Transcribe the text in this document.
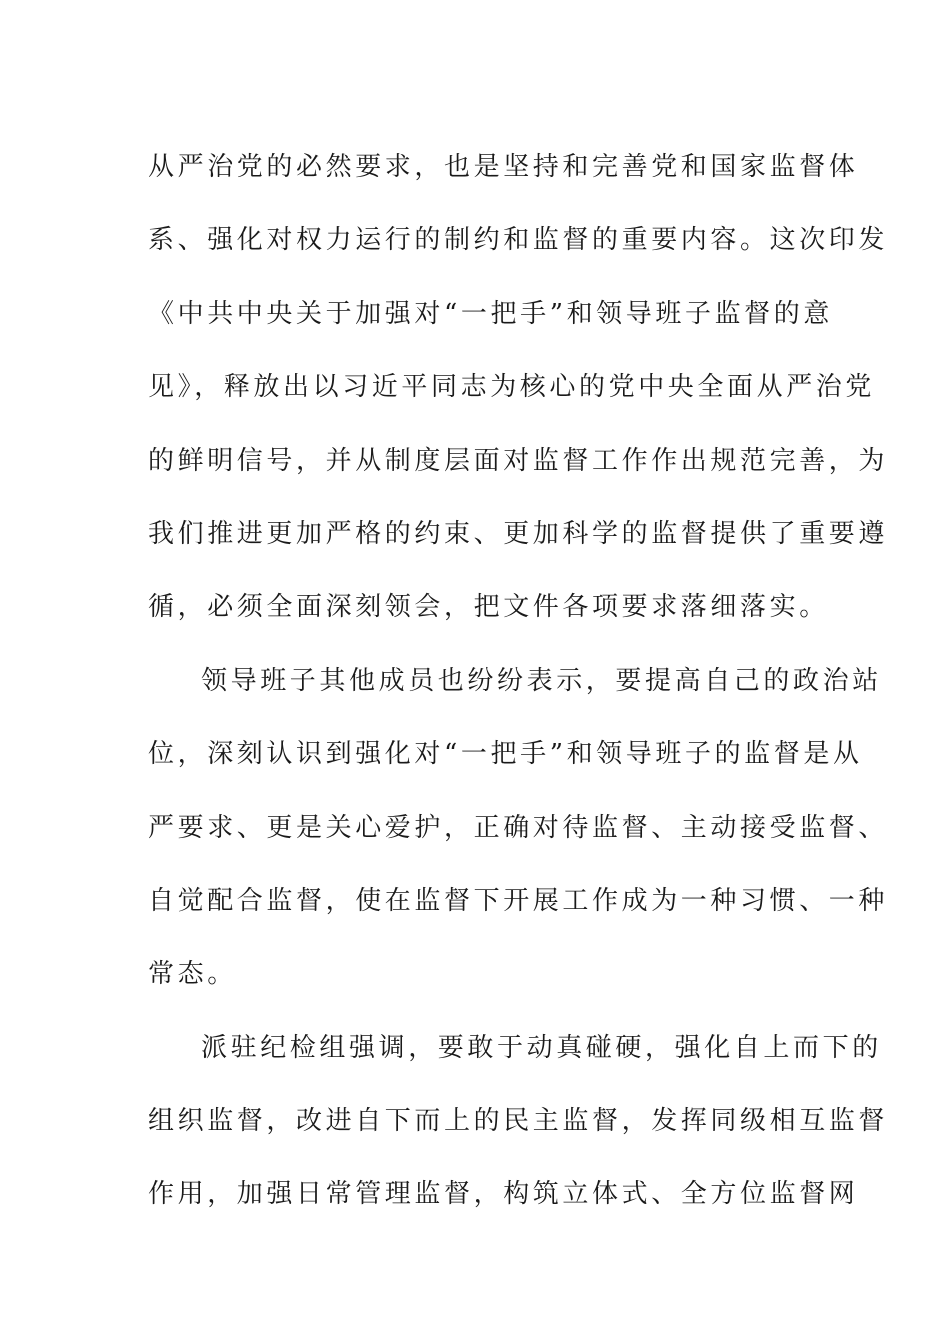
从严治党的必然要求，也是坚持和完善党和国家监督体
系、强化对权力运行的制约和监督的重要内容。这次印发
《中共中央关于加强对“一把手”和领导班子监督的意
见》，释放出以习近平同志为核心的党中央全面从严治党
的鲜明信号，并从制度层面对监督工作作出规范完善，为
我们推进更加严格的约束、更加科学的监督提供了重要遵
循，必须全面深刻领会，把文件各项要求落细落实。
领导班子其他成员也纷纷表示，要提高自己的政治站
位，深刻认识到强化对“一把手”和领导班子的监督是从
严要求、更是关心爱护，正确对待监督、主动接受监督、
自觉配合监督，使在监督下开展工作成为一种习惯、一种
常态。
派驻纪检组强调，要敢于动真碰硬，强化自上而下的
组织监督，改进自下而上的民主监督，发挥同级相互监督
作用，加强日常管理监督，构筑立体式、全方位监督网
